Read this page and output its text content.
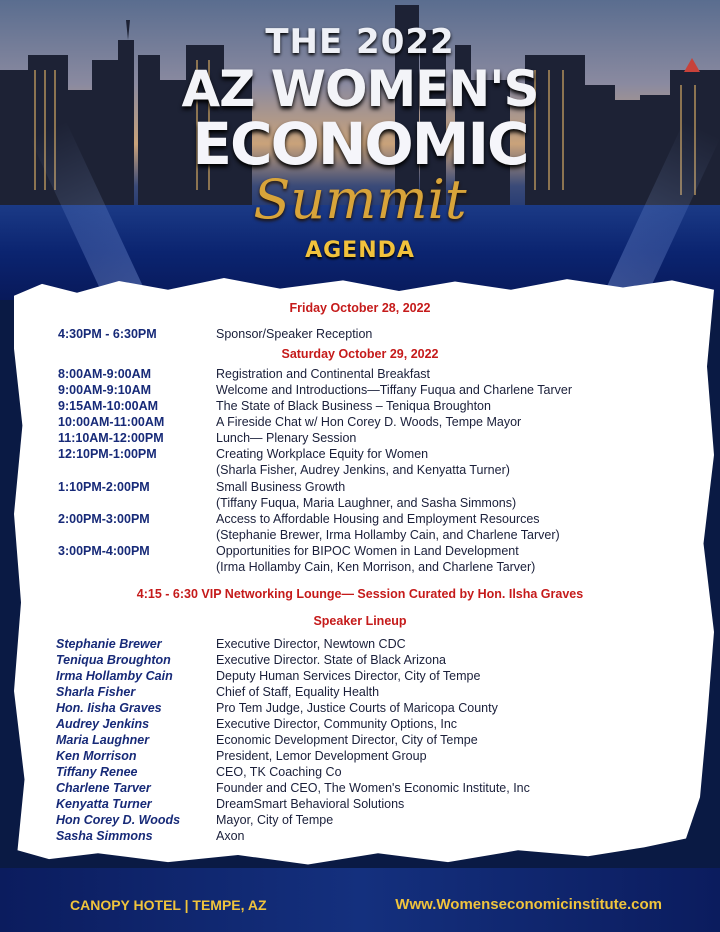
THE 2022
AZ WOMEN'S
ECONOMIC
Summit
AGENDA
Friday October 28, 2022
4:30PM - 6:30PM	Sponsor/Speaker Reception
Saturday October 29, 2022
8:00AM-9:00AM	Registration and Continental Breakfast
9:00AM-9:10AM	Welcome and Introductions—Tiffany Fuqua and Charlene Tarver
9:15AM-10:00AM	The State of Black Business – Teniqua Broughton
10:00AM-11:00AM	A Fireside Chat w/ Hon Corey D. Woods, Tempe Mayor
11:10AM-12:00PM	Lunch— Plenary Session
12:10PM-1:00PM	Creating Workplace Equity for Women
(Sharla Fisher, Audrey Jenkins, and Kenyatta Turner)
1:10PM-2:00PM	Small Business Growth
(Tiffany Fuqua, Maria Laughner, and Sasha Simmons)
2:00PM-3:00PM	Access to Affordable Housing and Employment Resources
(Stephanie Brewer, Irma Hollamby Cain, and Charlene Tarver)
3:00PM-4:00PM	Opportunities for BIPOC Women in Land Development
(Irma Hollamby Cain, Ken Morrison, and Charlene Tarver)
4:15 - 6:30 VIP Networking Lounge— Session Curated by Hon. Ilsha Graves
Speaker Lineup
Stephanie Brewer	Executive Director, Newtown CDC
Teniqua Broughton	Executive Director. State of Black Arizona
Irma Hollamby Cain	Deputy Human Services Director, City of Tempe
Sharla Fisher	Chief of Staff, Equality Health
Hon. Iisha Graves	Pro Tem Judge, Justice Courts of Maricopa County
Audrey Jenkins	Executive Director, Community Options, Inc
Maria Laughner	Economic Development Director, City of Tempe
Ken Morrison	President, Lemor Development Group
Tiffany Renee	CEO, TK Coaching Co
Charlene Tarver	Founder and CEO, The Women's Economic Institute, Inc
Kenyatta Turner	DreamSmart Behavioral Solutions
Hon Corey D. Woods	Mayor, City of Tempe
Sasha Simmons	Axon
CANOPY HOTEL | TEMPE, AZ	Www.Womenseconomicinstitute.com
